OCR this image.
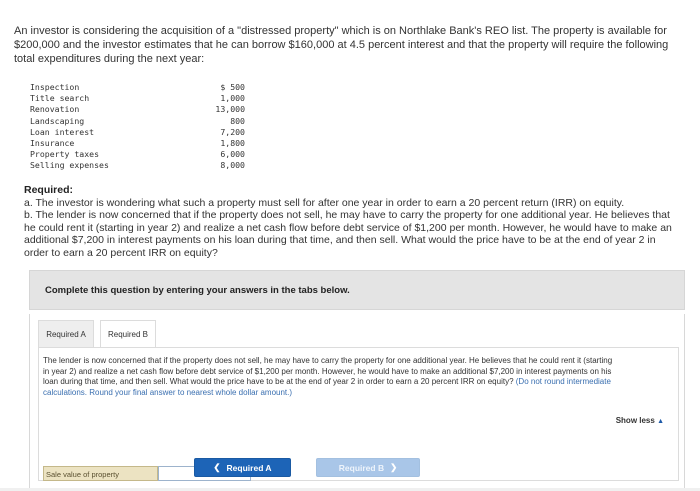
An investor is considering the acquisition of a "distressed property" which is on Northlake Bank's REO list. The property is available for $200,000 and the investor estimates that he can borrow $160,000 at 4.5 percent interest and that the property will require the following total expenditures during the next year:
Inspection	$ 500
Title search	1,000
Renovation	13,000
Landscaping	800
Loan interest	7,200
Insurance	1,800
Property taxes	6,000
Selling expenses	8,000
Required:
a. The investor is wondering what such a property must sell for after one year in order to earn a 20 percent return (IRR) on equity.
b. The lender is now concerned that if the property does not sell, he may have to carry the property for one additional year. He believes that he could rent it (starting in year 2) and realize a net cash flow before debt service of $1,200 per month. However, he would have to make an additional $7,200 in interest payments on his loan during that time, and then sell. What would the price have to be at the end of year 2 in order to earn a 20 percent IRR on equity?
Complete this question by entering your answers in the tabs below.
Required A	Required B
The lender is now concerned that if the property does not sell, he may have to carry the property for one additional year. He believes that he could rent it (starting in year 2) and realize a net cash flow before debt service of $1,200 per month. However, he would have to make an additional $7,200 in interest payments on his loan during that time, and then sell. What would the price have to be at the end of year 2 in order to earn a 20 percent IRR on equity? (Do not round intermediate calculations. Round your final answer to nearest whole dollar amount.)
Show less ▲
Sale value of property
❮ Required A	Required B ❯
